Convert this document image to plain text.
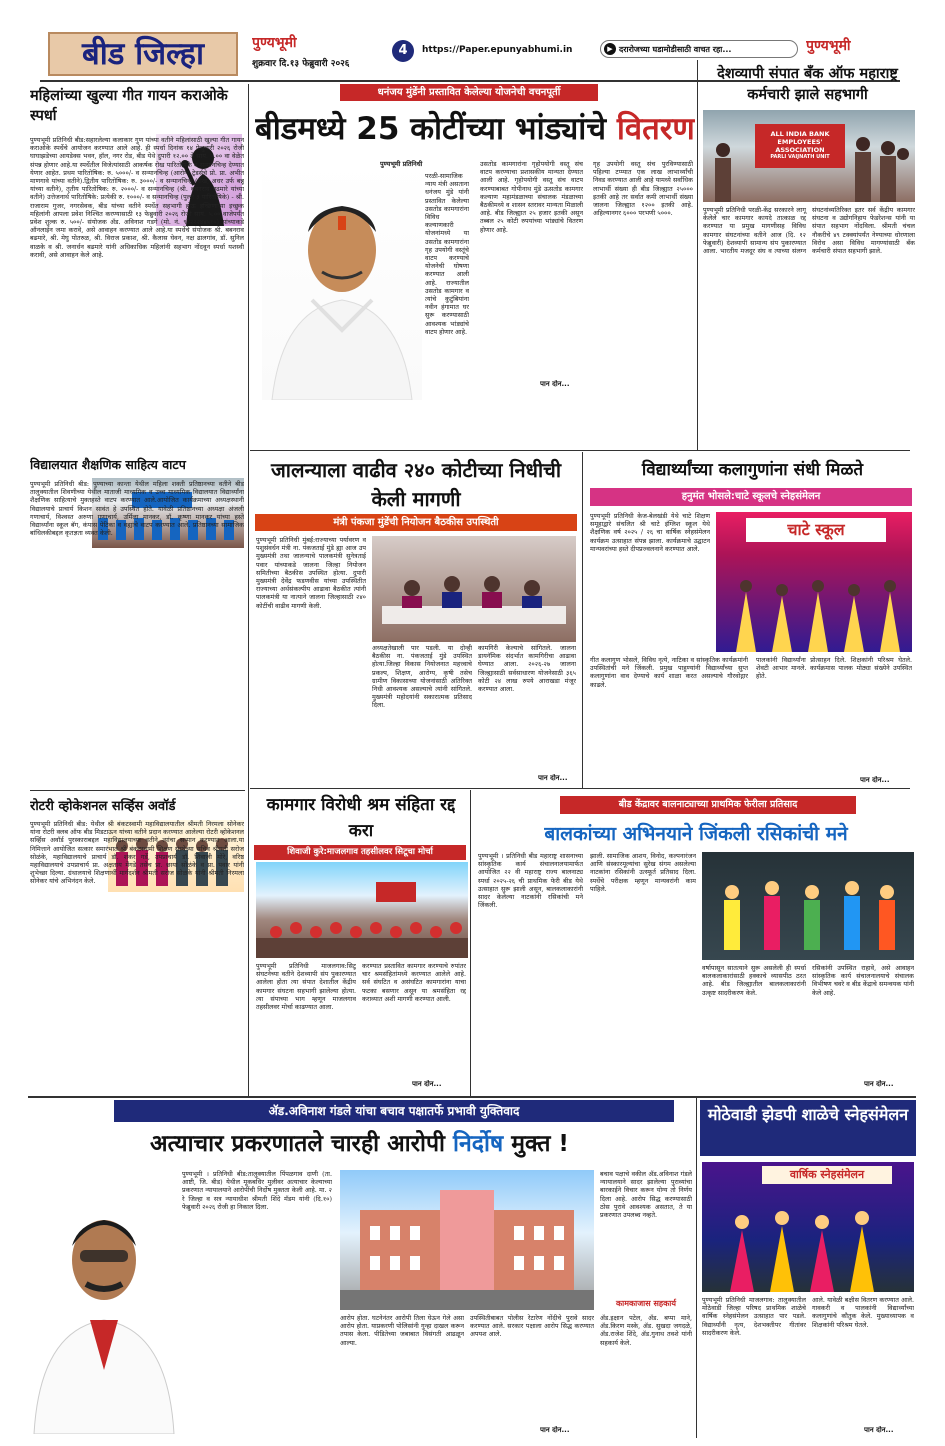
बीड जिल्हा	पुण्यभूमी
शुक्रवार दि.१३ फेब्रुवारी २०२६
4	https://Paper.epunyabhumi.in	▶ दरारोजच्या घडामोडीसाठी वाचत रहा...	पुण्यभूमी
महिलांच्या खुल्या गीत गायन कराओके स्पर्धा
पुण्यभूमी प्रतिनिधी बीड:सहारलेल्या कलाकार गुण यांच्या वतीने महिलांसाठी खुल्या गीत गायन कराओके स्पर्धेचे आयोजन करण्यात आले आहे. ही स्पर्धा दिनांक १४ फेब्रुवारी २०२६ रोजी घाघाझडेच्या आयडेक्स भवन, हॉल, नगर रोड, बीड येथे दुपारी १२.०० ते सायं. ५.०० वा वेळेत संपन्न होणार आहे.या स्पर्धेतील विजेत्यांसाठी आकर्षक रोख पारितोषिके व सन्मानचिन्ह देण्यात येणार आहेत. प्रथम पारितोषिक: रु. ५०००/- व सन्मानचिन्ह (आरोग्य ट्रेडर्सचे प्रो. प्रा. अभीत माणगावे यांच्या वतीने).द्वितीय पारितोषिक: रु. ३०००/- व सन्मानचिन्ह (रोख, अधर उर्फ बन्नू यांच्या वतीने), तृतीय पारितोषिक: रु. २०००/- व सन्मानचिन्ह (श्री. बबनराव बढमारे यांच्या वतीने) उत्तेजनार्थ पारितोषिके: प्रत्येकी रु. १०००/- व सन्मानचिन्ह (पुल्ल ३ पारितोषिके) - श्री. राजाराम गुजर, नगरसेवक, बीड यांच्या वतीने स्पर्धेत सहभागी होऊ इच्छिणाऱ्या इच्छुक महिलांनी आपला प्रवेश निश्चित करण्यासाठी १३ फेब्रुवारी २०२६ रोजी सायं. ५.०० वाजेपर्यंत प्रवेश शुल्क रु. ५००/- संयोजक ॲड. अविनाश गडगे (मो. नं. ९४२२२४४५१०) यांच्याकडे ऑनलाईन जमा करावे, असे आवाहन करण्यात आले आहे.या स्पर्धेचे संयोजक श्री. बबनराव बढमारे, श्री. मेघु पोतरुळ, श्री. विराज प्रकाश, श्री. कैलास घेवन, नक्ष ढालगांव, डॉ. सुनिल वाळके व श्री. जनार्धन बढमारे यांनी अधिकाधिक महिलांनी सहभाग नोंदवून स्पर्धा यशस्वी करावी, असे आवाहन केले आहे.
धनंजय मुंडेंनी प्रस्तावित केलेल्या योजनेची वचनपूर्ती
बीडमध्ये 25 कोटींच्या भांड्यांचे वितरण
पुण्यभूमी प्रतिनिधी
परळी-सामाजिक न्याय मंत्री असताना धनंजय मुंडे यांनी प्रस्तावित केलेल्या उसतोड कामगारांना विविध कल्याणकारी योजनांमध्ये या उसतोड कामगारांना गृह उपयोगी वस्तूंचे वाटप करण्याचे योजनेची घोषणा करण्यात आली आहे. राज्यातील उसतोड कामगार व त्यांचे कुटुंबियांना नवीन हंगामात घर सुरू करण्यासाठी आवश्यक भांड्यांचे वाटप होणार आहे.
उसतोड कामगारांना गृहोपयोगी वस्तू संच वाटप करण्याचा प्रशासकीय मान्यता देण्यात आली आहे. गृहोपयोगी वस्तू संच वाटप करण्याबाबत गोपीनाथ मुंडे ऊसतोड कामगार कल्याण महामंडळाच्या संचालक मंडळाच्या बैठकीमध्ये व शासन स्तरावर मान्यता मिळाली आहे. बीड जिल्ह्यात २५ हजार इतकी असून तब्बल २५ कोटी रुपयांच्या भांड्यांचे वितरण होणार आहे.
गृह उपयोगी वस्तू संच पुरविण्यासाठी पहिल्या टप्प्यात एक लाख लाभार्थ्यांची निवड करण्यात आली आहे यामध्ये सर्वाधिक लाभार्थी संख्या ही बीड जिल्ह्यात २५००० इतकी आहे तर सर्वात कमी लाभार्थी संख्या जालना जिल्ह्यात १२०० इतकी आहे. अहिल्यानगर ६००० परभणी ५०००.
पान दोन...
देशव्यापी संपात बँक ऑफ महाराष्ट्र कर्मचारी झाले सहभागी
ALL INDIA BANK EMPLOYEES' ASSOCIATION
PARLI VAIJNATH UNIT
पुण्यभूमी प्रतिनिधी परळी-केंद्र सरकारने लागू केलेले चार कामगार कायदे तात्काळ रद्द करण्यात या प्रमुख मागणीसह विविध कामगार संघटनांच्या वतीने आज (दि. १२ फेब्रुवारी) देशव्यापी सामान्य संप पुकारण्यात आला. भारतीय मजदूर संघ व त्याच्या संलग्न संघटनांव्यतिरिक्त इतर सर्व केंद्रीय कामगार संघटना व उद्योगनिहाय फेडरेशन्स यांनी या संपात सहभाग नोंदविला. श्रीमती चंचल नौकरीचे ४९ टक्क्यांपर्यंत नेण्याच्या धोरणाला विरोध असा विविध मागण्यांसाठी बँक कर्मचारी संपात सहभागी झाले.
विद्यालयात शैक्षणिक साहित्य वाटप
पुण्यभूमी प्रतिनिधी बीड: पुण्याच्या कान्ता येथील महिला शक्ती प्रतिष्ठानच्या वतीने बीड तालुक्यातील शिवणीच्या येथील माताजी माध्यमिक व उच्च माध्यमिक विद्यालयात विद्यार्थ्यांना शैक्षणिक साहित्याचे मुक्तहस्ते वाटप करण्यात आले.आयोजित कार्यक्रमाच्या अध्यक्षस्थानी विद्यालयाचे प्राचार्य किशन सावंत हे उपस्थित होते. यावेळी प्रतिष्ठानच्या अध्यक्षा अंजली गणाचार्य, विश्वस्त अरुणा गणाचार्य, उर्मिला मानकर, डॉ. कृष्णा मानकर यांच्या हस्ते विद्यार्थ्यांना स्कूल बॅग, कंपास पेटिका व वह्यांचे वाटप करण्यात आले. प्रतिष्ठानच्या सामाजिक बांधिलकीबद्दल कृतज्ञता व्यक्त केली.
रोटरी व्होकेशनल सर्व्हिस अवॉर्ड
पुण्यभूमी प्रतिनिधी बीड: येथील श्री बंकटस्वामी महाविद्यालयातील श्रीमती निरमला सोनेकर यांना रोटरी क्लब ऑफ बीड मिडटाऊन यांच्या वतीने प्रदान करण्यात आलेल्या रोटरी व्होकेशनल सर्व्हिस अवॉर्ड पुरस्काराबद्दल महाविद्यालयाच्या वतीने त्यांचा सन्मान करण्यात आला.या निमित्ताने आयोजित सत्कार समारंभात श्री बंकटस्वामी शिक्षण संस्थेच्या सचिव श्रीमती सरोज सोळंके, महाविद्यालयाचे प्राचार्य डॉ. शंकर गर्डे, उपप्राचार्य डॉ. शिवाजी मोरे, वरिष्ठ महाविद्यालयाचे उपप्राचार्य प्रा. अक्षताय मेंगडे तसेच प्रा. छाया सोळंके व प्रा. पवार यांनी शुभेच्छा दिल्या. ग्रंथालयाचे शिक्षणार्थी मार्गदर्शन श्रीमती सरोज सोळंके यांनी श्रीमती निरमला सोनेकर यांचे अभिनंदन केले.
जालन्याला वाढीव २४० कोटीच्या निधीची केली मागणी
मंत्री पंकजा मुंडेंची नियोजन बैठकीस उपस्थिती
पुण्यभूमी प्रतिनिधी मुंबई:राज्याच्या पर्यावरण व पशुसंवर्धन मंत्री ना. पंकजताई मुंडे ह्या आज उप मुख्यमंत्री तथा जालन्याचे पालकमंत्री सुनेत्रताई पवार यांच्याकडे जालना जिल्हा नियोजन समितीच्या बैठकीस उपस्थित होत्या. दुपारी मुख्यमंत्री देवेंद्र फडणवीस यांच्या उपस्थितीत राज्याच्या अर्थसंकल्पीय आढावा बैठकीत त्यांनी पालकमंत्री या नात्याने जालना जिल्हासाठी २४० कोटींची वाढीव मागणी केली.
अध्यक्षतेखाली पार पडली. या दोन्ही बैठकीस ना. पंकजताई मुंडे उपस्थित होत्या.जिल्हा विकास नियोजनात महत्त्वाचे प्रकल्प, शिक्षण, आरोग्य, कृषी तसेच ग्रामीण विकासाच्या योजनांसाठी अतिरिक्त निधी आवश्यक असल्याचे त्यांनी सांगितले. मुख्यमंत्री महोदयांनी सकारात्मक प्रतिसाद दिला.
कामगिरी केल्याचे सांगितले. जालना डायनॅमिक संदर्भात कामगिरीचा आढावा घेण्यात आला. २०२६-२७ जालना जिल्ह्यासाठी सर्वसाधारण योजनेसाठी ३६५ कोटी २४ लाख रुपये आराखडा मंजूर करण्यात आला.
पान दोन...
विद्यार्थ्यांच्या कलागुणांना संधी मिळते
हनुमंत भोसले:चाटे स्कूलचे स्नेहसंमेलन
पुण्यभूमी प्रतिनिधी केज-बेलखंडी येथे चाटे शिक्षण समूहाद्वारे संचलित श्री चाटे इंग्लिश स्कूल येथे शैक्षणिक वर्ष २०२५ / २६ चा वार्षिक स्नेहसंमेलन कार्यक्रम उत्साहात संपन्न झाला. कार्यक्रमाचे उद्घाटन मान्यवरांच्या हस्ते दीपप्रज्वलनाने करण्यात आले.
चाटे स्कूल
गीत कलागुण भोसले, विविध नृत्ये, नाटिका व सांस्कृतिक कार्यक्रमांनी उपस्थितांची मने जिंकली. प्रमुख पाहुण्यांनी विद्यार्थ्यांच्या सुप्त कलागुणांना वाव देण्याचे कार्य शाळा करत असल्याचे गौरवोद्गार काढले.
पालकांनी विद्यार्थ्यांना प्रोत्साहन दिले. शिक्षकांनी परिश्रम घेतले. शेवटी आभार मानले. कार्यक्रमास पालक मोठ्या संख्येने उपस्थित होते.
पान दोन...
कामगार विरोधी श्रम संहिता रद्द करा
शिवाजी कुरे:माजलगाव तहसीलवर सिटूचा मोर्चा
पुण्यभूमी प्रतिनिधी माजलगाव:सिटू संघटनेच्या वतीने देशव्यापी संप पुकारण्यात आलेला होता त्या संपात देशातील केंद्रीय कामगार संघटना सहभागी झालेल्या होत्या. त्या संपाच्या भाग म्हणून माजलगाव तहसीलवर मोर्चा काढण्यात आला.
करण्यात प्रस्तावित कामगार करण्याचे रुपांतर चार श्रमसंहितांमध्ये करण्यात आलेले आहे. सर्व संघटित व असंघटित कामगारांना याचा फटका बसणार असून या श्रमसंहिता रद्द कराव्यात अशी मागणी करण्यात आली.
पान दोन...
बीड केंद्रावर बालनाट्याच्या प्राथमिक फेरीला प्रतिसाद
बालकांच्या अभिनयाने जिंकली रसिकांची मने
पुण्यभूमी । प्रतिनिधी बीड महाराष्ट्र शासनाच्या सांस्कृतिक कार्य संचालनालयामार्फत आयोजित २२ वी महाराष्ट्र राज्य बालनाट्य स्पर्धा २०२५-२६ ची प्राथमिक फेरी बीड येथे उत्साहात सुरू झाली असून, बालकलाकारांनी सादर केलेल्या नाटकांनी रसिकांची मने जिंकली.
झाली. सामाजिक आशय, विनोद, कल्पनारंजन आणि संस्कारमूल्यांचा सुरेख संगम असलेल्या नाटकांना रसिकांनी उत्स्फूर्त प्रतिसाद दिला. स्पर्धेचे परीक्षक म्हणून मान्यवरांनी काम पाहिले.
वर्षापासून सातत्याने सुरू असलेली ही स्पर्धा बालकलाकारांसाठी हक्काचे व्यासपीठ ठरत आहे. बीड जिल्ह्यातील बालकलाकारांनी उत्कृष्ट सादरीकरण केले.
रसिकांनी उपस्थित राहावे, असे आवाहन सांस्कृतिक कार्य संचालनालयाचे संचालक विभीषण चवरे व बीड केंद्राचे समन्वयक यांनी केले आहे.
पान दोन...
ॲड.अविनाश गंडले यांचा बचाव पक्षातर्फे प्रभावी युक्तिवाद
अत्याचार प्रकरणातले चारही आरोपी निर्दोष मुक्त !
पुण्यभूमी । प्रतिनिधी बीड:तालुक्यातील पिंपळगाव दाणी (ता. आष्टी, जि. बीड) येथील मूकबधिर मुलीवर अत्याचार केल्याच्या प्रकरणात न्यायालयाने आरोपींची निर्दोष मुक्तता केली आहे. मा. २ रे जिल्हा व सत्र न्यायाधीश श्रीमती शिंदे मॅडम यांनी (दि.१०) फेब्रुवारी २०२६ रोजी हा निकाल दिला.
आरोप होता. घटनेनंतर आरोपी तिला घेऊन गेले असा आरोप होता. याप्रकरणी पोलिसांनी गुन्हा दाखल करून तपास केला. पीडितेच्या जबाबात विसंगती आढळून आल्या.
उपस्थितीबाबत पोलीस रेटारेण नोंदीचे पुरावे सादर करण्यात आले. सरकार पक्षाला आरोप सिद्ध करण्यात अपयश आले.
पान दोन...
बचाव पक्षाचे वकील ॲड.अविनाश गंडले न्यायालयाने सादर झालेल्या पुराव्यांचा बारकाईने विचार करून योग्य तो निर्णय दिला आहे. आरोप सिद्ध करण्यासाठी ठोस पुरावे आवश्यक असतात, ते या प्रकरणात उपलब्ध नव्हते.
कामकाजास सहकार्य
ॲड.इक्षान पटेल, ॲड. बप्पा माने, ॲड.किरण मस्के, ॲड. सुखदा जगदळे, ॲड.राजेश शिंदे, ॲड.गुनाथ तवशे यांनी सहकार्य केले.
मोठेवाडी झेडपी शाळेचे स्नेहसंमेलन
वार्षिक स्नेहसंमेलन
पुण्यभूमी प्रतिनिधी माजलगाव: तालुक्यातील मोठेवाडी जिल्हा परिषद प्राथमिक शाळेचे वार्षिक स्नेहसंमेलन उत्साहात पार पडले. विद्यार्थ्यांनी नृत्य, देशभक्तीपर गीतांवर सादरीकरण केले.
आले. यावेळी बक्षीस वितरण करण्यात आले. गावकरी व पालकांनी विद्यार्थ्यांच्या कलागुणांचे कौतुक केले. मुख्याध्यापक व शिक्षकांनी परिश्रम घेतले.
पान दोन...
